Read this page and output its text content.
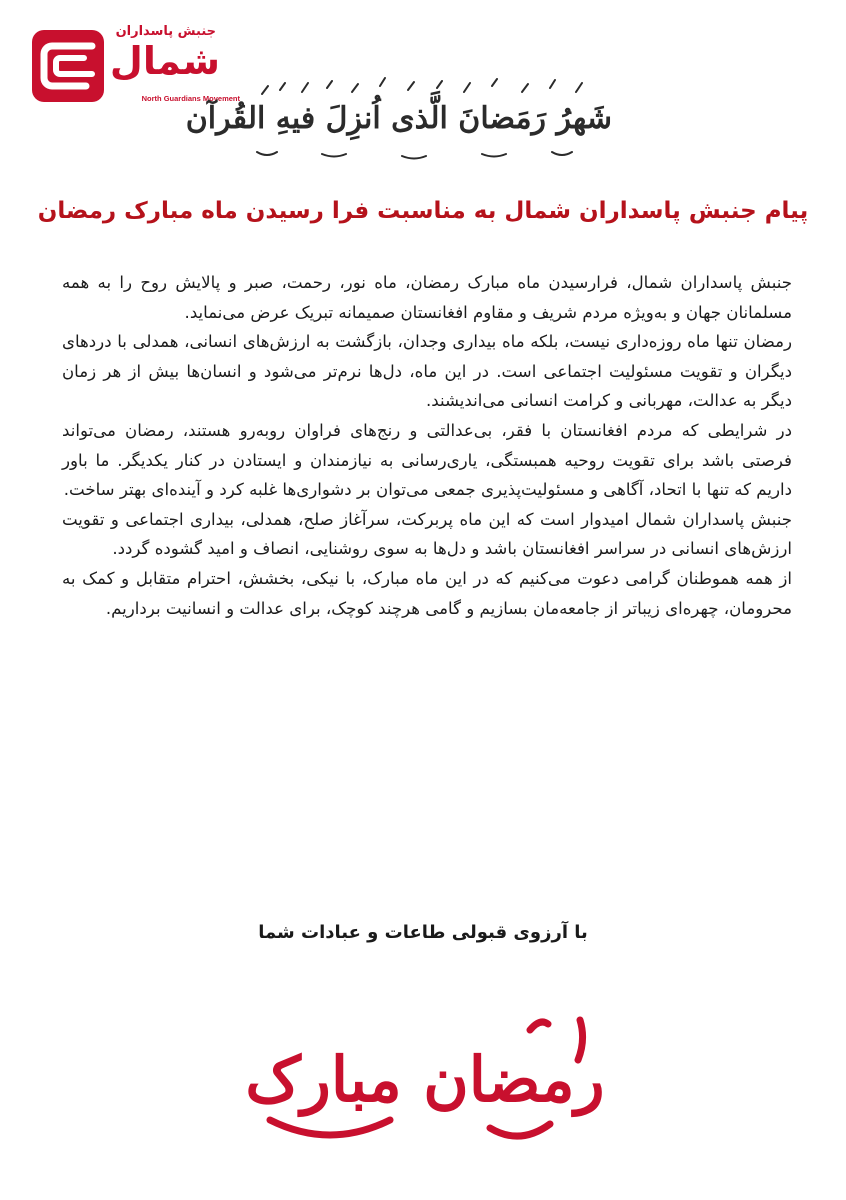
جنبش پاسداران
شمال
North Guardians Movement
شَهرُ رَمَضانَ الَّذی اُنزِلَ فیهِ القُرآن
پیام جنبش پاسداران شمال به مناسبت فرا رسیدن ماه مبارک رمضان

جنبش پاسداران شمال، فرارسیدن ماه مبارک رمضان، ماه نور، رحمت، صبر و پالایش روح را به همه مسلمانان جهان و به‌ویژه مردم شریف و مقاوم افغانستان صمیمانه تبریک عرض می‌نماید.

رمضان تنها ماه روزه‌داری نیست، بلکه ماه بیداری وجدان، بازگشت به ارزش‌های انسانی، همدلی با دردهای دیگران و تقویت مسئولیت اجتماعی است. در این ماه، دل‌ها نرم‌تر می‌شود و انسان‌ها بیش از هر زمان دیگر به عدالت، مهربانی و کرامت انسانی می‌اندیشند.

در شرایطی که مردم افغانستان با فقر، بی‌عدالتی و رنج‌های فراوان روبه‌رو هستند، رمضان می‌تواند فرصتی باشد برای تقویت روحیه همبستگی، یاری‌رسانی به نیازمندان و ایستادن در کنار یکدیگر. ما باور داریم که تنها با اتحاد، آگاهی و مسئولیت‌پذیری جمعی می‌توان بر دشواری‌ها غلبه کرد و آینده‌ای بهتر ساخت.

جنبش پاسداران شمال امیدوار است که این ماه پربرکت، سرآغاز صلح، همدلی، بیداری اجتماعی و تقویت ارزش‌های انسانی در سراسر افغانستان باشد و دل‌ها به سوی روشنایی، انصاف و امید گشوده گردد.

از همه هموطنان گرامی دعوت می‌کنیم که در این ماه مبارک، با نیکی، بخشش، احترام متقابل و کمک به محرومان، چهره‌ای زیباتر از جامعه‌مان بسازیم و گامی هرچند کوچک، برای عدالت و انسانیت برداریم.

با آرزوی قبولی طاعات و عبادات شما
رمضان مبارک
